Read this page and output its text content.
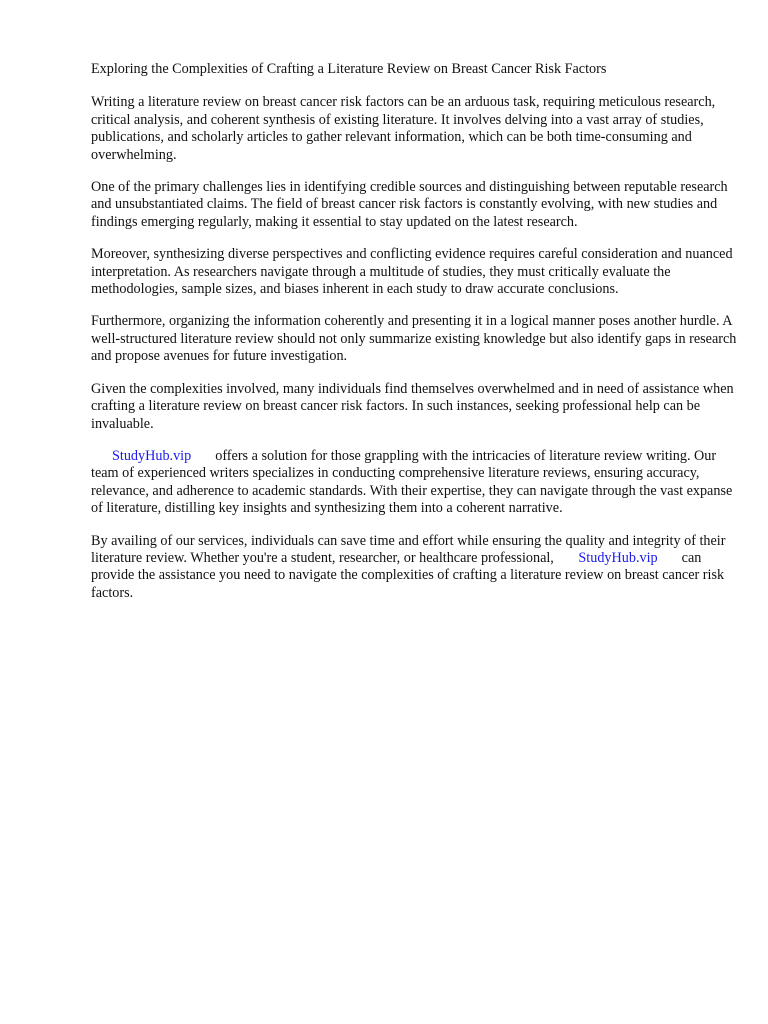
Exploring the Complexities of Crafting a Literature Review on Breast Cancer Risk Factors

Writing a literature review on breast cancer risk factors can be an arduous task, requiring meticulous research, critical analysis, and coherent synthesis of existing literature. It involves delving into a vast array of studies, publications, and scholarly articles to gather relevant information, which can be both time-consuming and overwhelming.

One of the primary challenges lies in identifying credible sources and distinguishing between reputable research and unsubstantiated claims. The field of breast cancer risk factors is constantly evolving, with new studies and findings emerging regularly, making it essential to stay updated on the latest research.

Moreover, synthesizing diverse perspectives and conflicting evidence requires careful consideration and nuanced interpretation. As researchers navigate through a multitude of studies, they must critically evaluate the methodologies, sample sizes, and biases inherent in each study to draw accurate conclusions.

Furthermore, organizing the information coherently and presenting it in a logical manner poses another hurdle. A well-structured literature review should not only summarize existing knowledge but also identify gaps in research and propose avenues for future investigation.

Given the complexities involved, many individuals find themselves overwhelmed and in need of assistance when crafting a literature review on breast cancer risk factors. In such instances, seeking professional help can be invaluable.

StudyHub.vip offers a solution for those grappling with the intricacies of literature review writing. Our team of experienced writers specializes in conducting comprehensive literature reviews, ensuring accuracy, relevance, and adherence to academic standards. With their expertise, they can navigate through the vast expanse of literature, distilling key insights and synthesizing them into a coherent narrative.

By availing of our services, individuals can save time and effort while ensuring the quality and integrity of their literature review. Whether you're a student, researcher, or healthcare professional, StudyHub.vip can provide the assistance you need to navigate the complexities of crafting a literature review on breast cancer risk factors.
